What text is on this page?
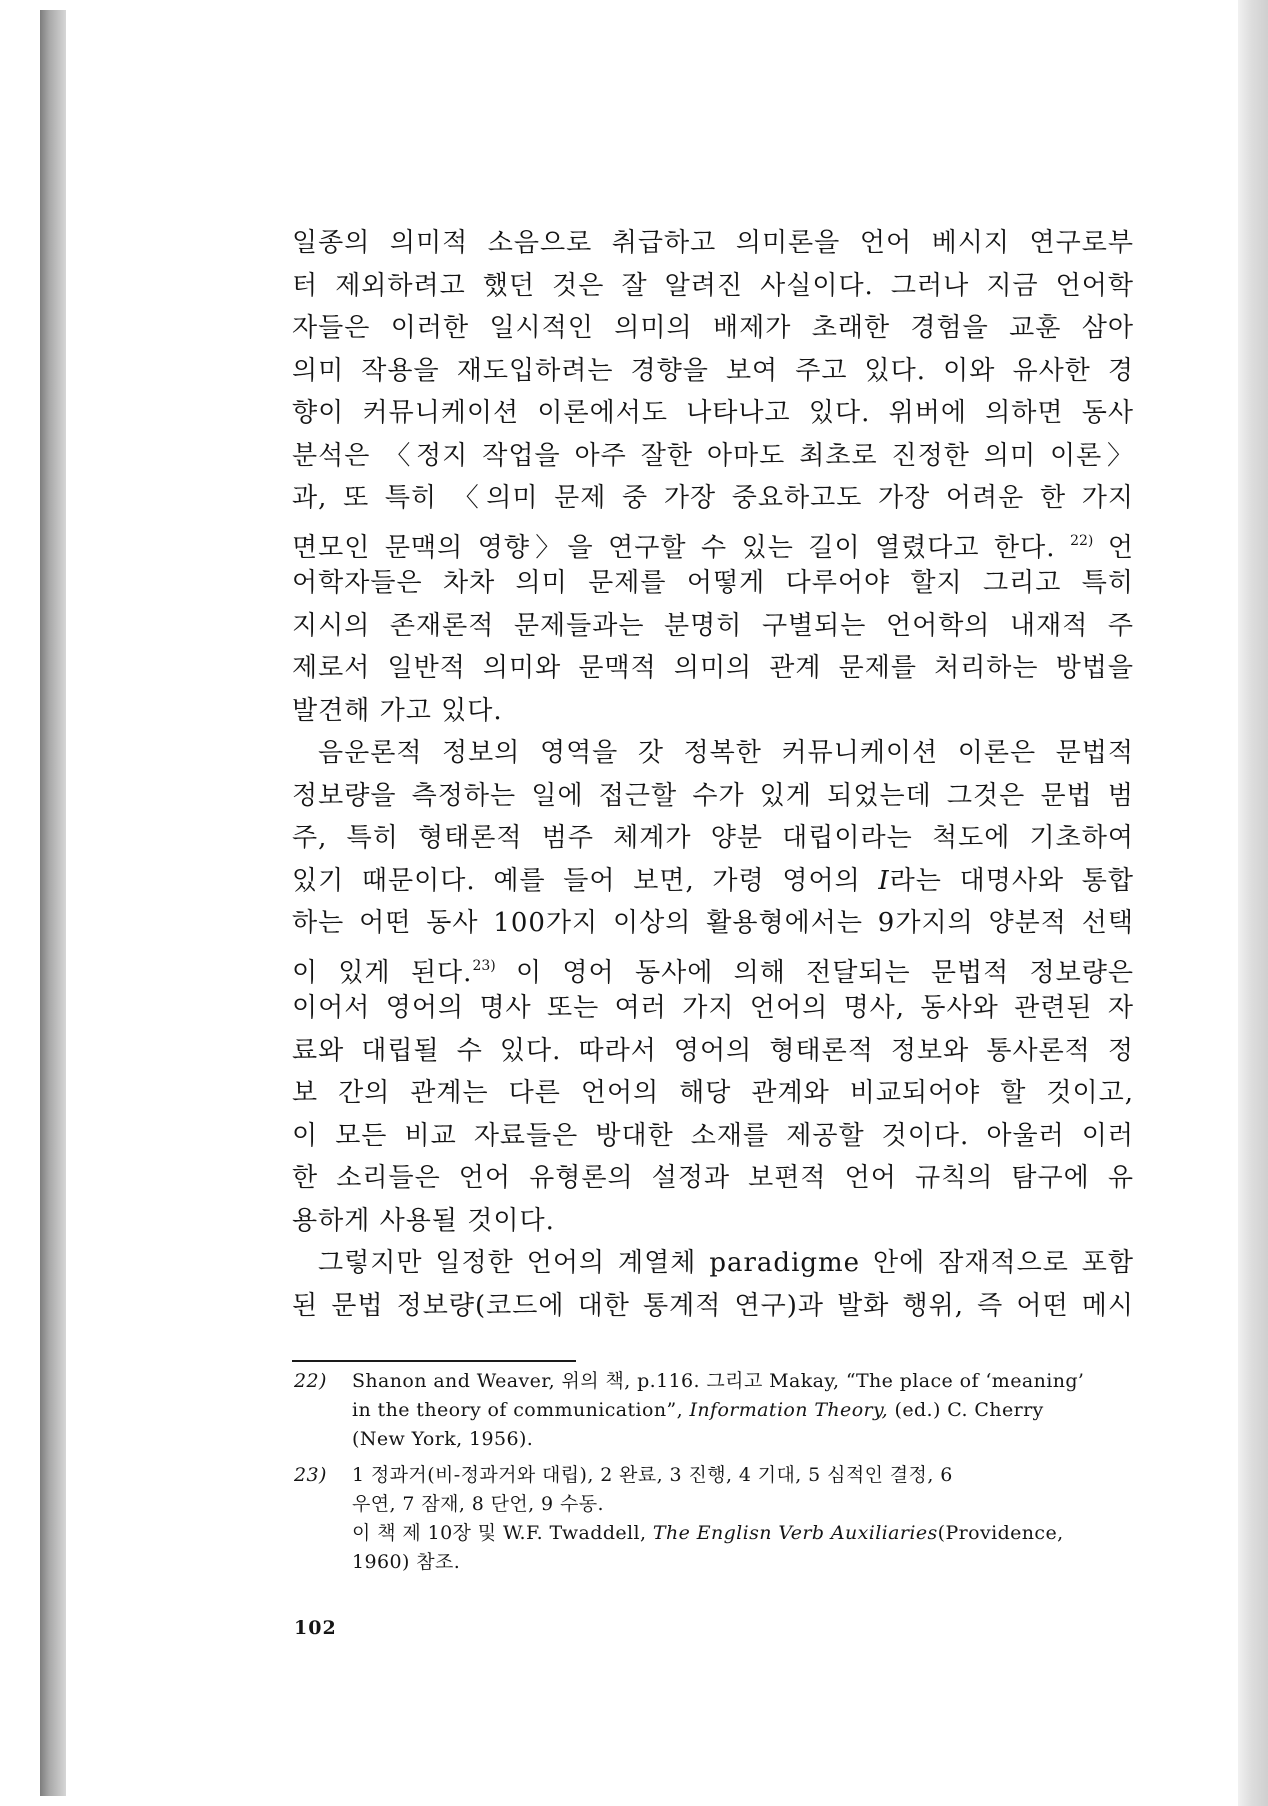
일종의 의미적 소음으로 취급하고 의미론을 언어 베시지 연구로부
터 제외하려고 했던 것은 잘 알려진 사실이다. 그러나 지금 언어학
자들은 이러한 일시적인 의미의 배제가 초래한 경험을 교훈 삼아
의미 작용을 재도입하려는 경향을 보여 주고 있다. 이와 유사한 경
향이 커뮤니케이션 이론에서도 나타나고 있다. 위버에 의하면 동사
분석은 〈정지 작업을 아주 잘한 아마도 최초로 진정한 의미 이론〉
과, 또 특히 〈의미 문제 중 가장 중요하고도 가장 어려운 한 가지
면모인 문맥의 영향〉을 연구할 수 있는 길이 열렸다고 한다. $^{22)}$ 언
어학자들은 차차 의미 문제를 어떻게 다루어야 할지 그리고 특히
지시의 존재론적 문제들과는 분명히 구별되는 언어학의 내재적 주
제로서 일반적 의미와 문맥적 의미의 관계 문제를 처리하는 방법을
발견해 가고 있다.
음운론적 정보의 영역을 갓 정복한 커뮤니케이션 이론은 문법적
정보량을 측정하는 일에 접근할 수가 있게 되었는데 그것은 문법 범
주, 특히 형태론적 범주 체계가 양분 대립이라는 척도에 기초하여
있기 때문이다. 예를 들어 보면, 가령 영어의 I라는 대명사와 통합
하는 어떤 동사 100가지 이상의 활용형에서는 9가지의 양분적 선택
이 있게 된다.$^{23)}$ 이 영어 동사에 의해 전달되는 문법적 정보량은
이어서 영어의 명사 또는 여러 가지 언어의 명사, 동사와 관련된 자
료와 대립될 수 있다. 따라서 영어의 형태론적 정보와 통사론적 정
보 간의 관계는 다른 언어의 해당 관계와 비교되어야 할 것이고,
이 모든 비교 자료들은 방대한 소재를 제공할 것이다. 아울러 이러
한 소리들은 언어 유형론의 설정과 보편적 언어 규칙의 탐구에 유
용하게 사용될 것이다.
그렇지만 일정한 언어의 계열체 paradigme 안에 잠재적으로 포함
된 문법 정보량(코드에 대한 통계적 연구)과 발화 행위, 즉 어떤 메시
22) Shanon and Weaver, 위의 책, p.116. 그리고 Makay, “The place of ‘meaning’
in the theory of communication”, Information Theory, (ed.) C. Cherry
(New York, 1956).
23) 1 정과거(비-정과거와 대립), 2 완료, 3 진행, 4 기대, 5 심적인 결정, 6
우연, 7 잠재, 8 단언, 9 수동.
이 책 제 10장 및 W.F. Twaddell, The Englisn Verb Auxiliaries(Providence,
1960) 참조.
102
